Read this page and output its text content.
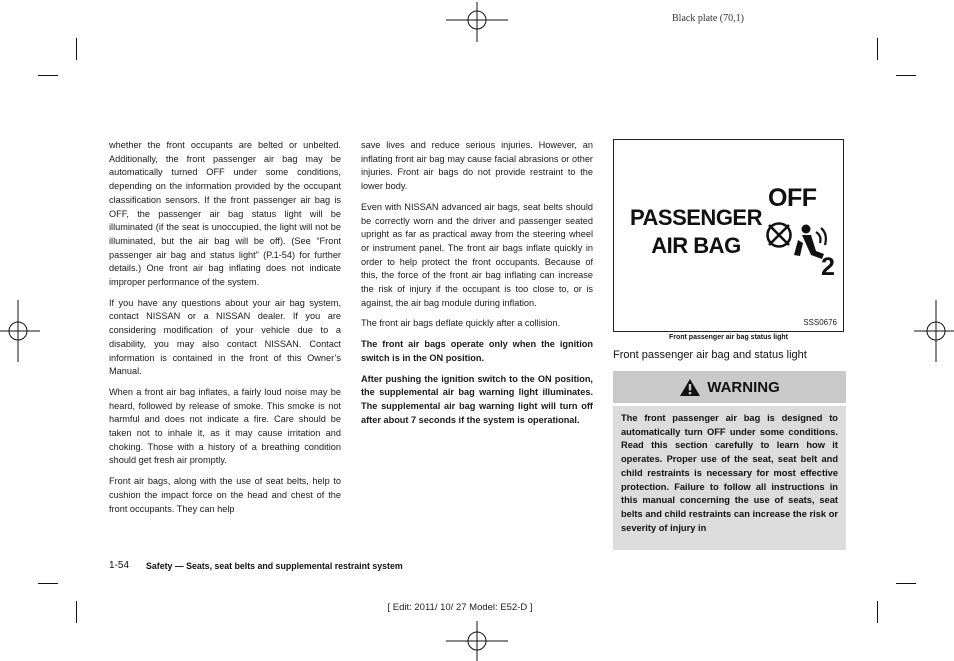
Black plate (70,1)

whether the front occupants are belted or unbelted. Additionally, the front passenger air bag may be automatically turned OFF under some conditions, depending on the information provided by the occupant classification sensors. If the front passenger air bag is OFF, the passenger air bag status light will be illuminated (if the seat is unoccupied, the light will not be illuminated, but the air bag will be off). (See “Front passenger air bag and status light” (P.1-54) for further details.) One front air bag inflating does not indicate improper performance of the system.

If you have any questions about your air bag system, contact NISSAN or a NISSAN dealer. If you are considering modification of your vehicle due to a disability, you may also contact NISSAN. Contact information is contained in the front of this Owner’s Manual.

When a front air bag inflates, a fairly loud noise may be heard, followed by release of smoke. This smoke is not harmful and does not indicate a fire. Care should be taken not to inhale it, as it may cause irritation and choking. Those with a history of a breathing condition should get fresh air promptly.

Front air bags, along with the use of seat belts, help to cushion the impact force on the head and chest of the front occupants. They can help

save lives and reduce serious injuries. However, an inflating front air bag may cause facial abrasions or other injuries. Front air bags do not provide restraint to the lower body.

Even with NISSAN advanced air bags, seat belts should be correctly worn and the driver and passenger seated upright as far as practical away from the steering wheel or instrument panel. The front air bags inflate quickly in order to help protect the front occupants. Because of this, the force of the front air bag inflating can increase the risk of injury if the occupant is too close to, or is against, the air bag module during inflation.

The front air bags deflate quickly after a collision.

The front air bags operate only when the ignition switch is in the ON position.

After pushing the ignition switch to the ON position, the supplemental air bag warning light illuminates. The supplemental air bag warning light will turn off after about 7 seconds if the system is operational.

PASSENGER
AIR BAG
OFF
2
SSS0676
Front passenger air bag status light
Front passenger air bag and status light
WARNING

The front passenger air bag is designed to automatically turn OFF under some conditions. Read this section carefully to learn how it operates. Proper use of the seat, seat belt and child restraints is necessary for most effective protection. Failure to follow all instructions in this manual concerning the use of seats, seat belts and child restraints can increase the risk or severity of injury in

1-54 Safety — Seats, seat belts and supplemental restraint system
[ Edit: 2011/ 10/ 27 Model: E52-D ]
